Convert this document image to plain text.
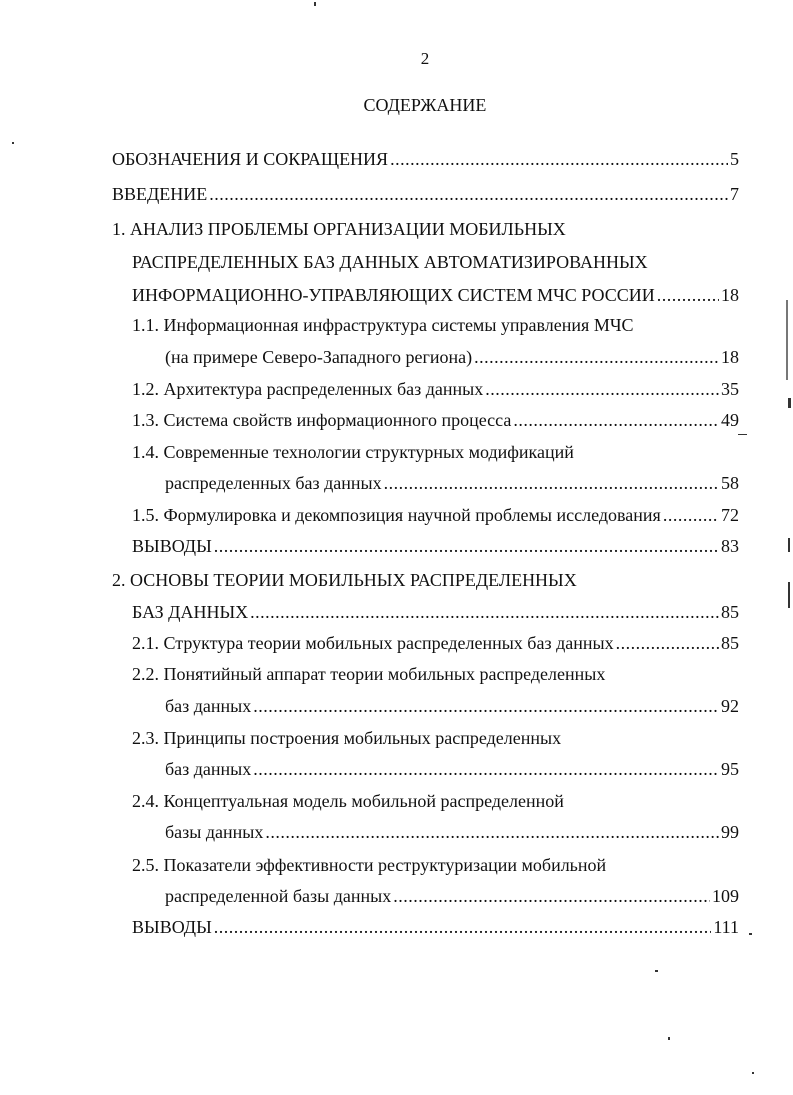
2
СОДЕРЖАНИЕ
ОБОЗНАЧЕНИЯ И СОКРАЩЕНИЯ .....	5
ВВЕДЕНИЕ .....	7
1. АНАЛИЗ ПРОБЛЕМЫ ОРГАНИЗАЦИИ МОБИЛЬНЫХ
РАСПРЕДЕЛЕННЫХ БАЗ ДАННЫХ АВТОМАТИЗИРОВАННЫХ
ИНФОРМАЦИОННО-УПРАВЛЯЮЩИХ СИСТЕМ МЧС РОССИИ .....	18
1.1. Информационная инфраструктура системы управления МЧС
(на примере Северо-Западного региона) .....	18
1.2. Архитектура распределенных баз данных .....	35
1.3. Система свойств информационного процесса .....	49
1.4. Современные технологии структурных модификаций
распределенных баз данных .....	58
1.5. Формулировка и декомпозиция научной проблемы исследования .....	72
ВЫВОДЫ .....	83
2. ОСНОВЫ ТЕОРИИ МОБИЛЬНЫХ РАСПРЕДЕЛЕННЫХ
БАЗ ДАННЫХ .....	85
2.1. Структура теории мобильных распределенных баз данных .....	85
2.2. Понятийный аппарат теории мобильных распределенных
баз данных .....	92
2.3. Принципы построения мобильных распределенных
баз данных .....	95
2.4. Концептуальная модель мобильной распределенной
базы данных .....	99
2.5. Показатели эффективности реструктуризации мобильной
распределенной базы данных .....	109
ВЫВОДЫ .....	111
